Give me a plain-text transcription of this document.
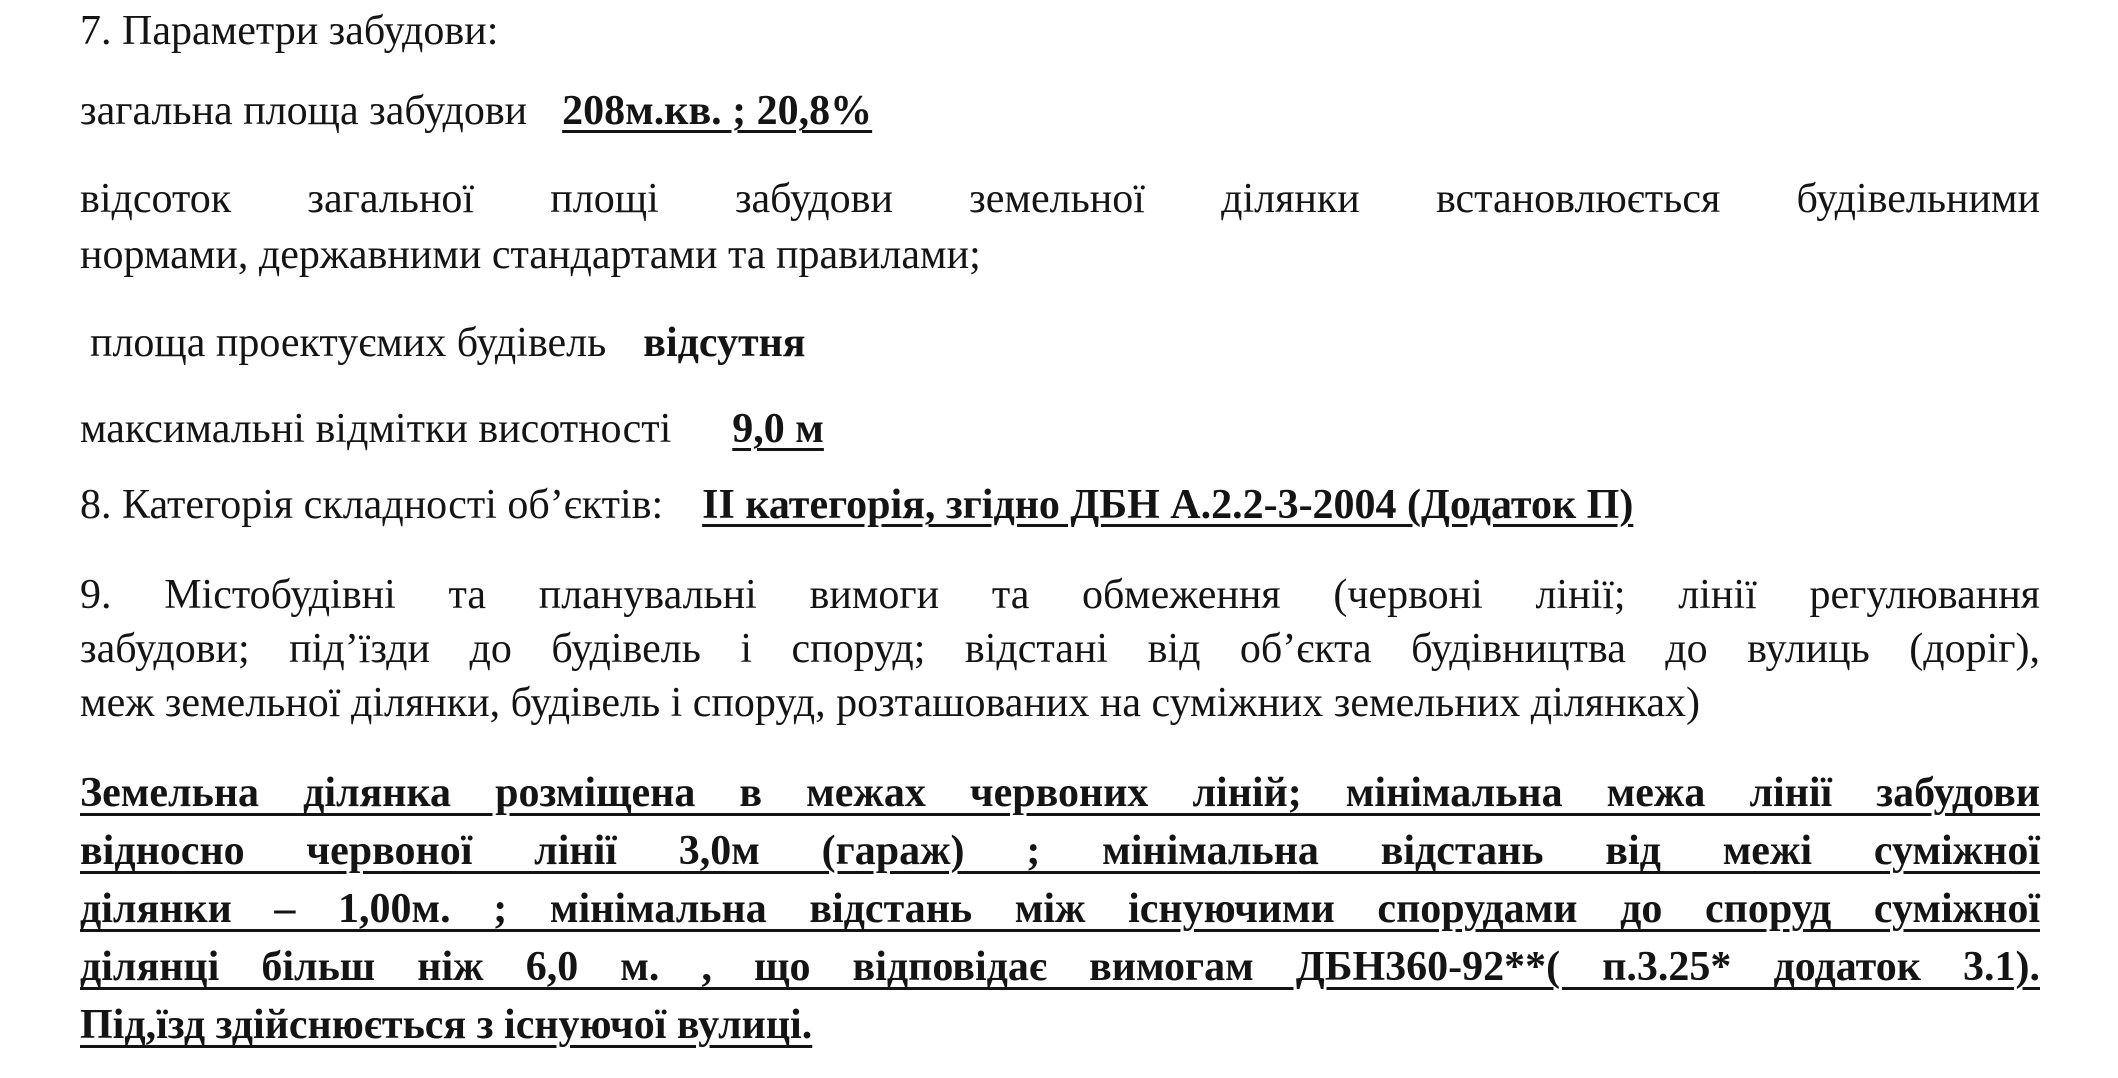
7. Параметри забудови:
загальна площа забудови 208м.кв. ; 20,8%
відсоток загальної площі забудови земельної ділянки встановлюється будівельними
нормами, державними стандартами та правилами;
площа проектуємих будівель відсутня
максимальні відмітки висотності 9,0 м
8. Категорія складності об’єктів: ІІ категорія, згідно ДБН А.2.2-3-2004 (Додаток П)
9. Містобудівні та планувальні вимоги та обмеження (червоні лінії; лінії регулювання
забудови; під’їзди до будівель і споруд; відстані від об’єкта будівництва до вулиць (доріг),
меж земельної ділянки, будівель і споруд, розташованих на суміжних земельних ділянках)
Земельна ділянка розміщена в межах червоних ліній; мінімальна межа лінії забудови
відносно червоної лінії 3,0м (гараж) ; мінімальна відстань від межі суміжної
ділянки – 1,00м. ; мінімальна відстань між існуючими спорудами до споруд суміжної
ділянці більш ніж 6,0 м. , що відповідає вимогам ДБН360-92**( п.3.25* додаток 3.1).
Під,їзд здійснюється з існуючої вулиці.
